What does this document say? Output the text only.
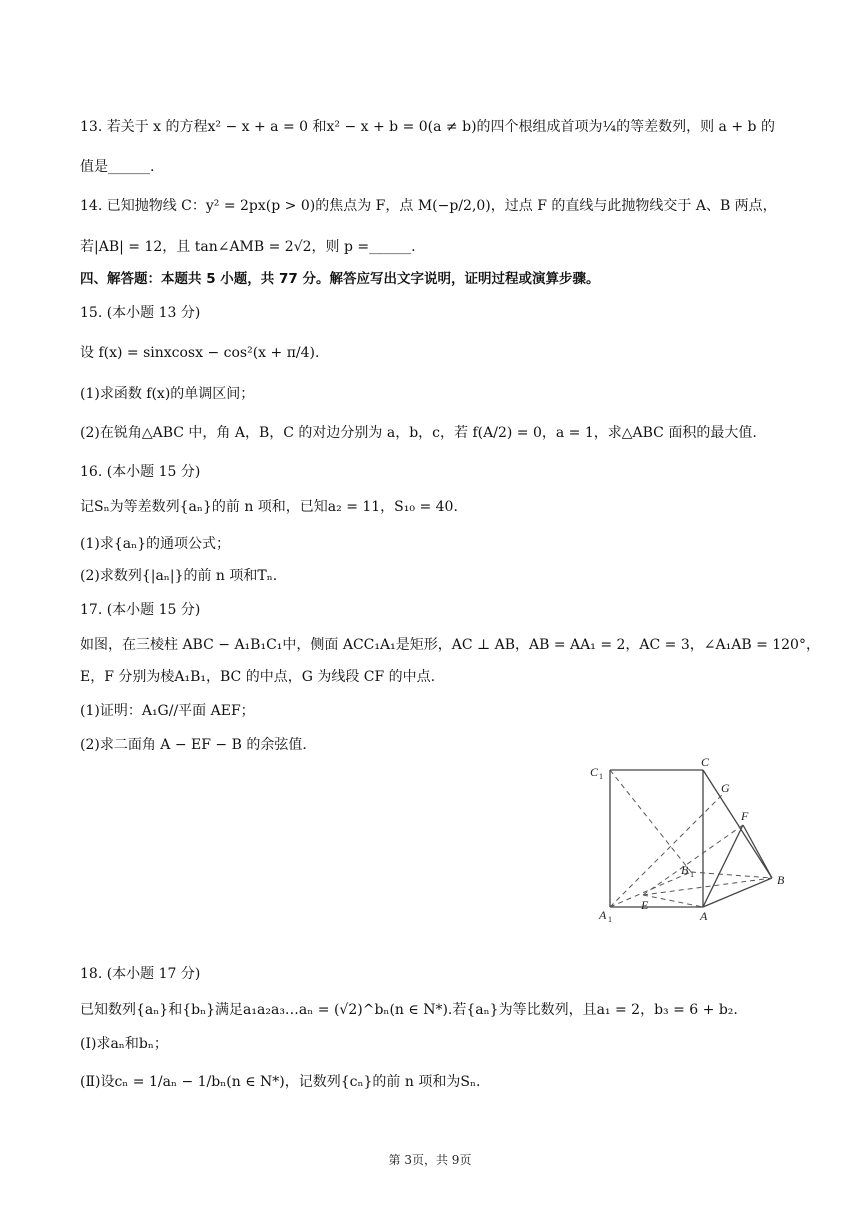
13. 若关于 x 的方程x² − x + a = 0 和x² − x + b = 0(a ≠ b)的四个根组成首项为¼的等差数列，则 a + b 的
值是______.
14. 已知抛物线 C：y² = 2px(p > 0)的焦点为 F，点 M(−p/2,0)，过点 F 的直线与此抛物线交于 A、B 两点，
若|AB| = 12，且 tan∠AMB = 2√2，则 p =______.
四、解答题：本题共 5 小题，共 77 分。解答应写出文字说明，证明过程或演算步骤。
15. (本小题 13 分)
设 f(x) = sinxcosx − cos²(x + π/4).
(1)求函数 f(x)的单调区间；
(2)在锐角△ABC 中，角 A，B，C 的对边分别为 a，b，c，若 f(A/2) = 0，a = 1，求△ABC 面积的最大值.
16. (本小题 15 分)
记Sₙ为等差数列{aₙ}的前 n 项和，已知a₂ = 11，S₁₀ = 40.
(1)求{aₙ}的通项公式；
(2)求数列{|aₙ|}的前 n 项和Tₙ.
17. (本小题 15 分)
如图，在三棱柱 ABC − A₁B₁C₁中，侧面 ACC₁A₁是矩形，AC ⊥ AB，AB = AA₁ = 2，AC = 3，∠A₁AB = 120°，
E，F 分别为棱A₁B₁，BC 的中点，G 为线段 CF 的中点.
(1)证明：A₁G//平面 AEF；
(2)求二面角 A − EF − B 的余弦值.
C 1
C
G
F
B 1	B
E
A 1	A
18. (本小题 17 分)
已知数列{aₙ}和{bₙ}满足a₁a₂a₃…aₙ = (√2)^bₙ(n ∈ N*).若{aₙ}为等比数列，且a₁ = 2，b₃ = 6 + b₂.
(Ⅰ)求aₙ和bₙ；
(Ⅱ)设cₙ = 1/aₙ − 1/bₙ(n ∈ N*)，记数列{cₙ}的前 n 项和为Sₙ.
第 3页，共 9页
